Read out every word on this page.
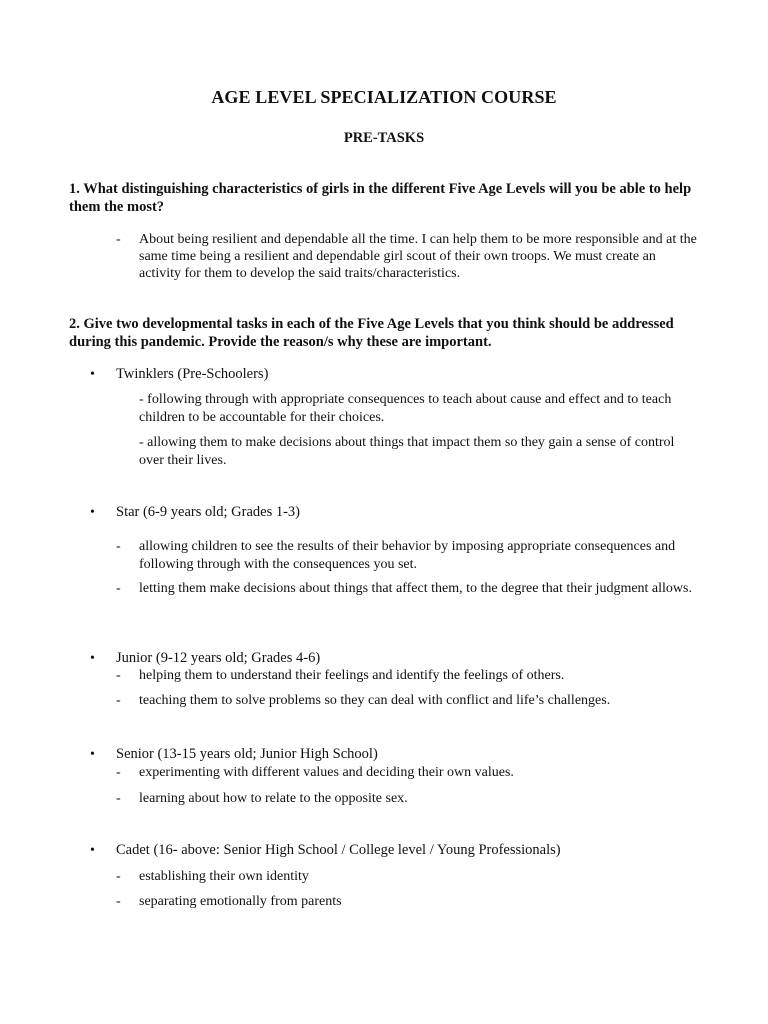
AGE LEVEL SPECIALIZATION COURSE

PRE-TASKS

1. What distinguishing characteristics of girls in the different Five Age Levels will you be able to help them the most?

- About being resilient and dependable all the time. I can help them to be more responsible and at the same time being a resilient and dependable girl scout of their own troops. We must create an activity for them to develop the said traits/characteristics.

2. Give two developmental tasks in each of the Five Age Levels that you think should be addressed during this pandemic. Provide the reason/s why these are important.

• Twinklers (Pre-Schoolers)

- following through with appropriate consequences to teach about cause and effect and to teach children to be accountable for their choices.

- allowing them to make decisions about things that impact them so they gain a sense of control over their lives.

• Star (6-9 years old; Grades 1-3)

- allowing children to see the results of their behavior by imposing appropriate consequences and following through with the consequences you set.

- letting them make decisions about things that affect them, to the degree that their judgment allows.

• Junior (9-12 years old; Grades 4-6)

- helping them to understand their feelings and identify the feelings of others.

- teaching them to solve problems so they can deal with conflict and life’s challenges.

• Senior (13-15 years old; Junior High School)

- experimenting with different values and deciding their own values.

- learning about how to relate to the opposite sex.

• Cadet (16- above: Senior High School / College level / Young Professionals)

- establishing their own identity

- separating emotionally from parents
